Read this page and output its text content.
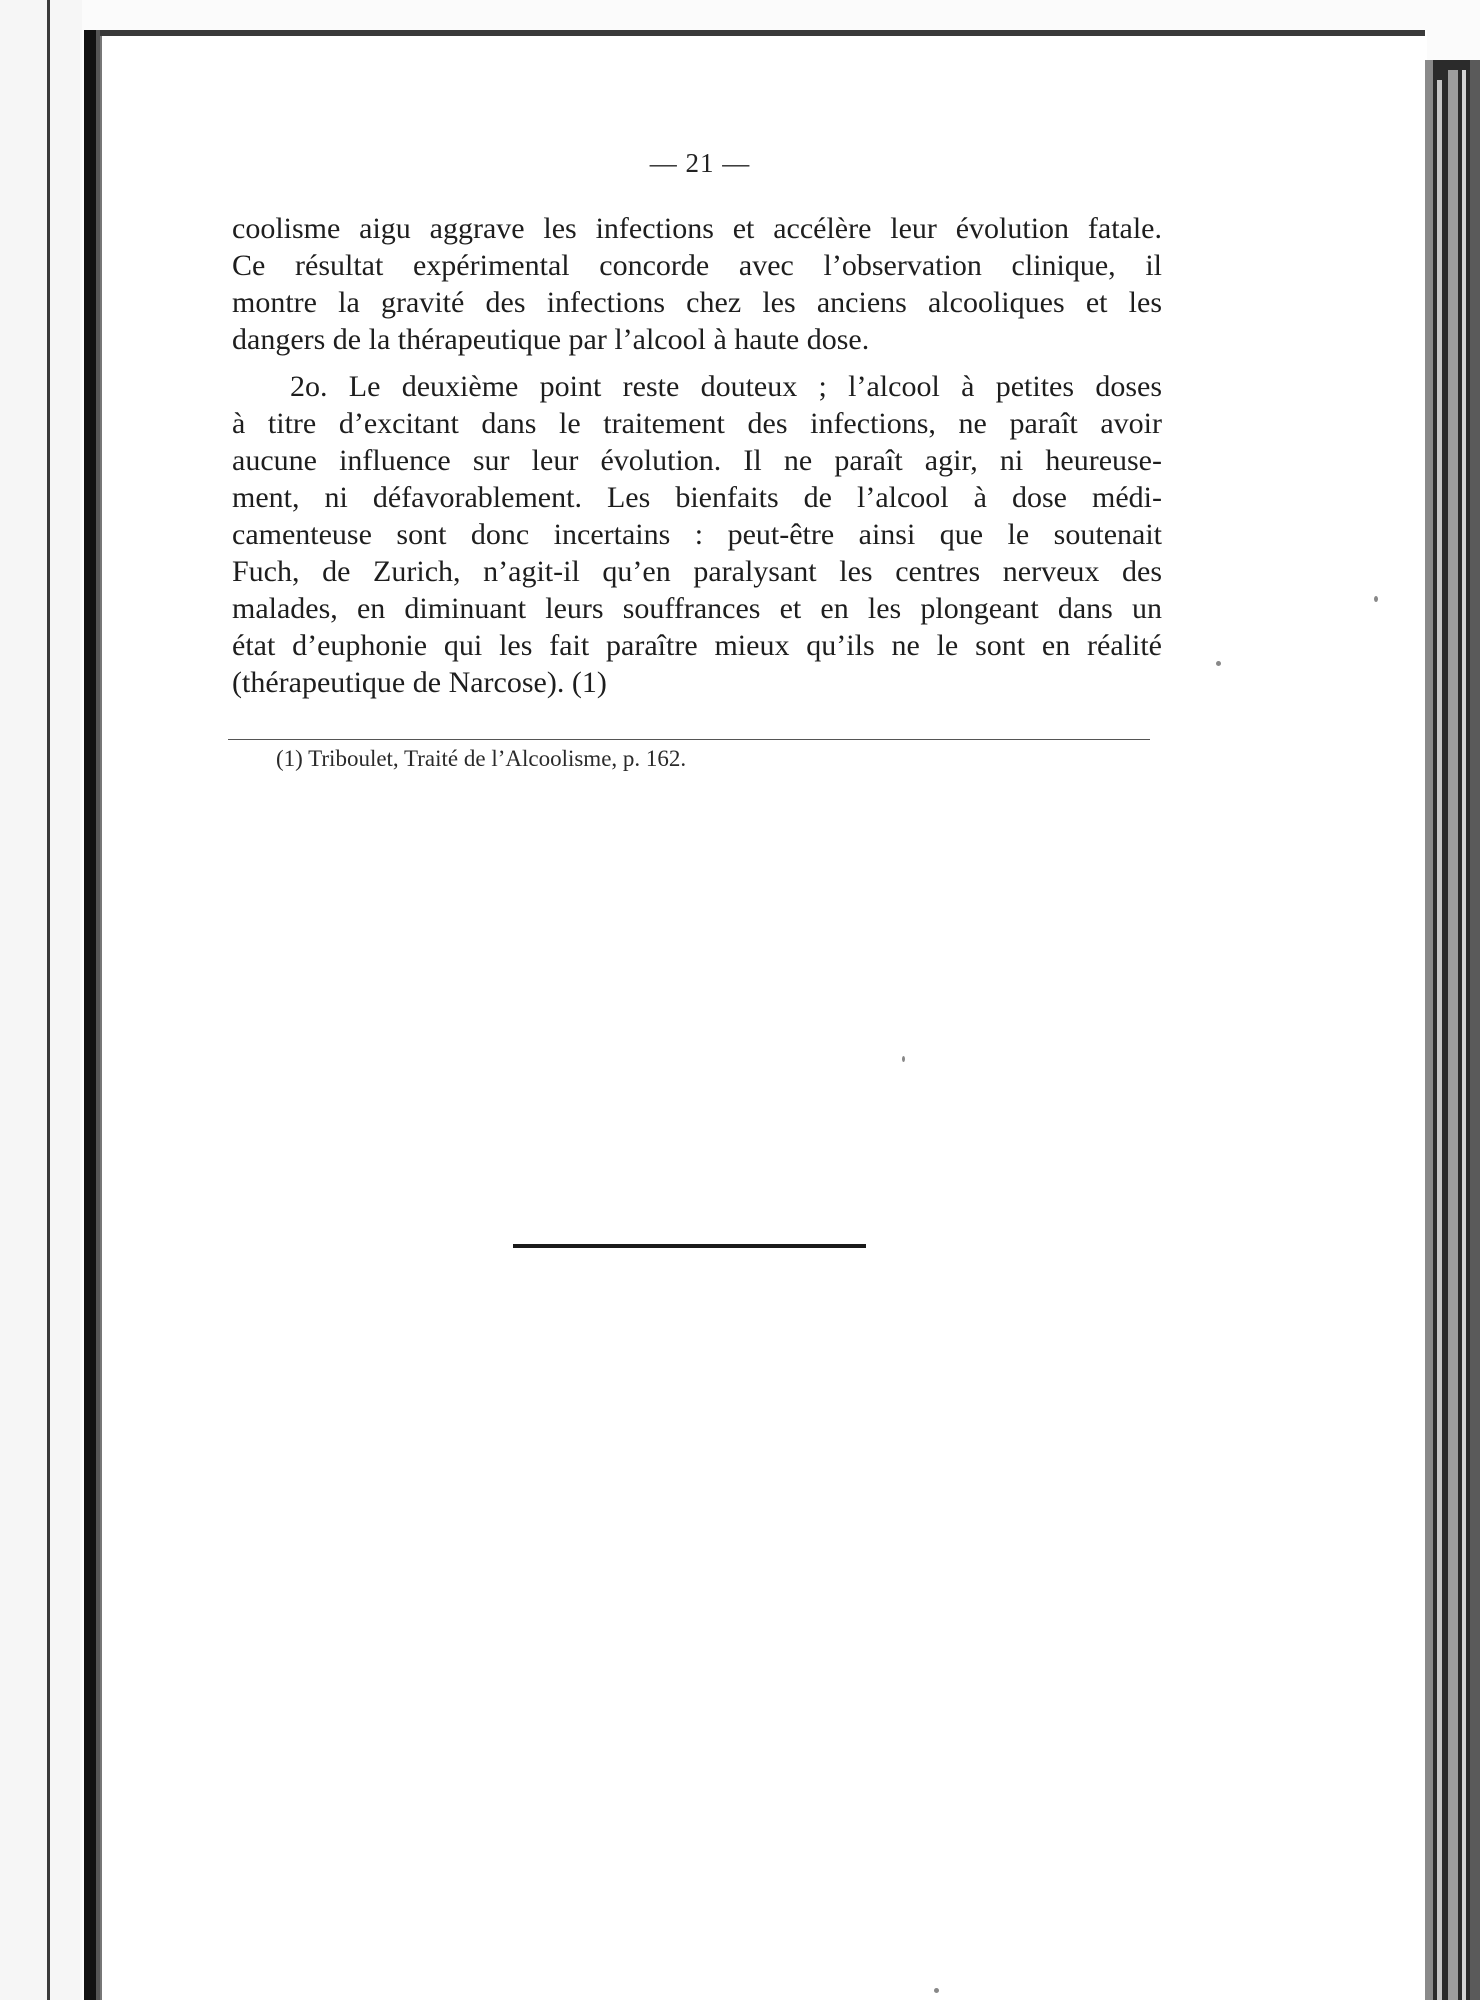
— 21 —
coolisme aigu aggrave les infections et accélère leur évolution fatale.
Ce résultat expérimental concorde avec l’observation clinique, il
montre la gravité des infections chez les anciens alcooliques et les
dangers de la thérapeutique par l’alcool à haute dose.
2o. Le deuxième point reste douteux ; l’alcool à petites doses
à titre d’excitant dans le traitement des infections, ne paraît avoir
aucune influence sur leur évolution. Il ne paraît agir, ni heureuse-
ment, ni défavorablement. Les bienfaits de l’alcool à dose médi-
camenteuse sont donc incertains : peut-être ainsi que le soutenait
Fuch, de Zurich, n’agit-il qu’en paralysant les centres nerveux des
malades, en diminuant leurs souffrances et en les plongeant dans un
état d’euphonie qui les fait paraître mieux qu’ils ne le sont en réalité
(thérapeutique de Narcose). (1)
(1) Triboulet, Traité de l’Alcoolisme, p. 162.
